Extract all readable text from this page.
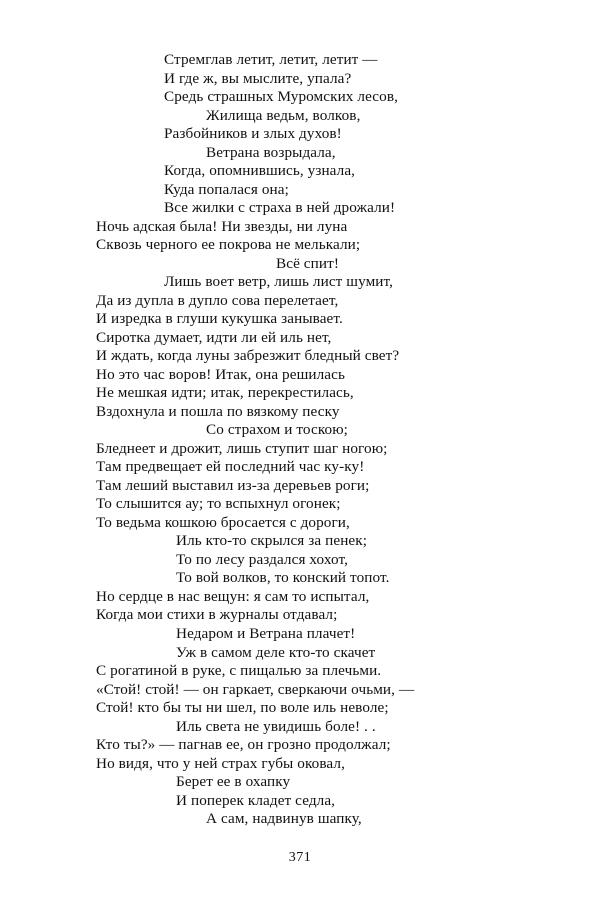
Стремглав летит, летит, летит —
И где ж, вы мыслите, упала?
Средь страшных Муромских лесов,
Жилища ведьм, волков,
Разбойников и злых духов!
Ветрана возрыдала,
Когда, опомнившись, узнала,
Куда попалася она;
Все жилки с страха в ней дрожали!
Ночь адская была! Ни звезды, ни луна
Сквозь черного ее покрова не мелькали;
Всё спит!
Лишь воет ветр, лишь лист шумит,
Да из дупла в дупло сова перелетает,
И изредка в глуши кукушка занывает.
Сиротка думает, идти ли ей иль нет,
И ждать, когда луны забрезжит бледный свет?
Но это час воров! Итак, она решилась
Не мешкая идти; итак, перекрестилась,
Вздохнула и пошла по вязкому песку
Со страхом и тоскою;
Бледнеет и дрожит, лишь ступит шаг ногою;
Там предвещает ей последний час ку-ку!
Там леший выставил из-за деревьев роги;
То слышится ау; то вспыхнул огонек;
То ведьма кошкою бросается с дороги,
Иль кто-то скрылся за пенек;
То по лесу раздался хохот,
То вой волков, то конский топот.
Но сердце в нас вещун: я сам то испытал,
Когда мои стихи в журналы отдавал;
Недаром и Ветрана плачет!
Уж в самом деле кто-то скачет
С рогатиной в руке, с пищалью за плечьми.
«Стой! стой! — он гаркает, сверкаючи очьми, —
Стой! кто бы ты ни шел, по воле иль неволе;
Иль света не увидишь боле! . .
Кто ты?» — пагнав ее, он грозно продолжал;
Но видя, что у ней страх губы оковал,
Берет ее в охапку
И поперек кладет седла,
А сам, надвинув шапку,
371
